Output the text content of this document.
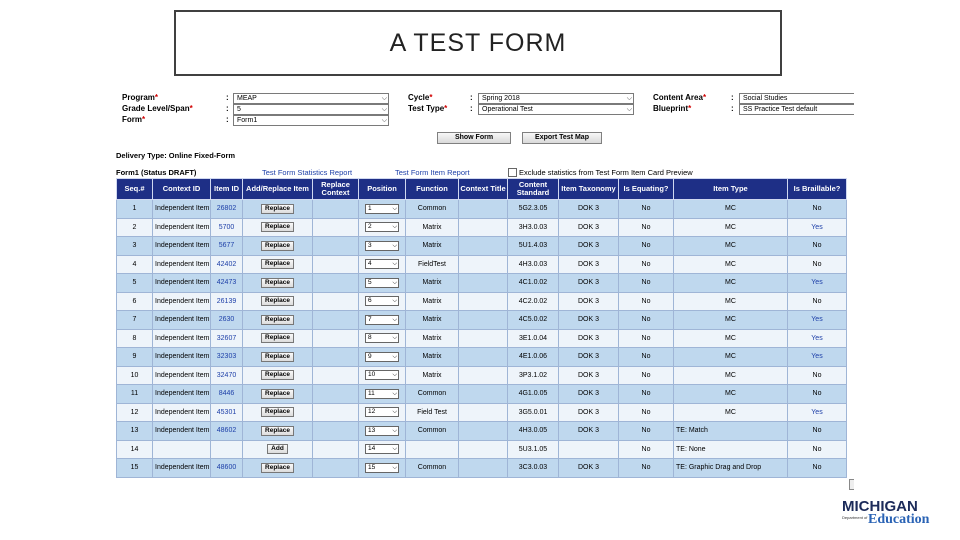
A TEST FORM
Program*	:	MEAP	⌵
Grade Level/Span*	:	5	⌵
Form*	:	Form1	⌵
Cycle*	:	Spring 2018	⌵
Test Type*	:	Operational Test	⌵
Content Area*	:	Social Studies
Blueprint*	:	SS Practice Test default
Show Form	Export Test Map
Delivery Type: Online Fixed-Form
Form1 (Status DRAFT)	Test Form Statistics Report	Test Form Item Report	Exclude statistics from Test Form Item Card Preview
Seq.#	Context ID	Item ID	Add/Replace Item	Replace Context	Position	Function	Context Title	Content Standard	Item Taxonomy	Is Equating?	Item Type	Is Braillable?
1	Independent Item	26802	Replace		1 ⌵	Common		5G2.3.05	DOK 3	No	MC	No
2	Independent Item	5700	Replace		2 ⌵	Matrix		3H3.0.03	DOK 3	No	MC	Yes
3	Independent Item	5677	Replace		3 ⌵	Matrix		5U1.4.03	DOK 3	No	MC	No
4	Independent Item	42402	Replace		4 ⌵	FieldTest		4H3.0.03	DOK 3	No	MC	No
5	Independent Item	42473	Replace		5 ⌵	Matrix		4C1.0.02	DOK 3	No	MC	Yes
6	Independent Item	26139	Replace		6 ⌵	Matrix		4C2.0.02	DOK 3	No	MC	No
7	Independent Item	2630	Replace		7 ⌵	Matrix		4C5.0.02	DOK 3	No	MC	Yes
8	Independent Item	32607	Replace		8 ⌵	Matrix		3E1.0.04	DOK 3	No	MC	Yes
9	Independent Item	32303	Replace		9 ⌵	Matrix		4E1.0.06	DOK 3	No	MC	Yes
10	Independent Item	32470	Replace		10 ⌵	Matrix		3P3.1.02	DOK 3	No	MC	No
11	Independent Item	8446	Replace		11 ⌵	Common		4G1.0.05	DOK 3	No	MC	No
12	Independent Item	45301	Replace		12 ⌵	Field Test		3G5.0.01	DOK 3	No	MC	Yes
13	Independent Item	48602	Replace		13 ⌵	Common		4H3.0.05	DOK 3	No	TE: Match	No
14			Add		14 ⌵			5U3.1.05		No	TE: None	No
15	Independent Item	48600	Replace		15 ⌵	Common		3C3.0.03	DOK 3	No	TE: Graphic Drag and Drop	No
MICHIGAN
Department of Education
